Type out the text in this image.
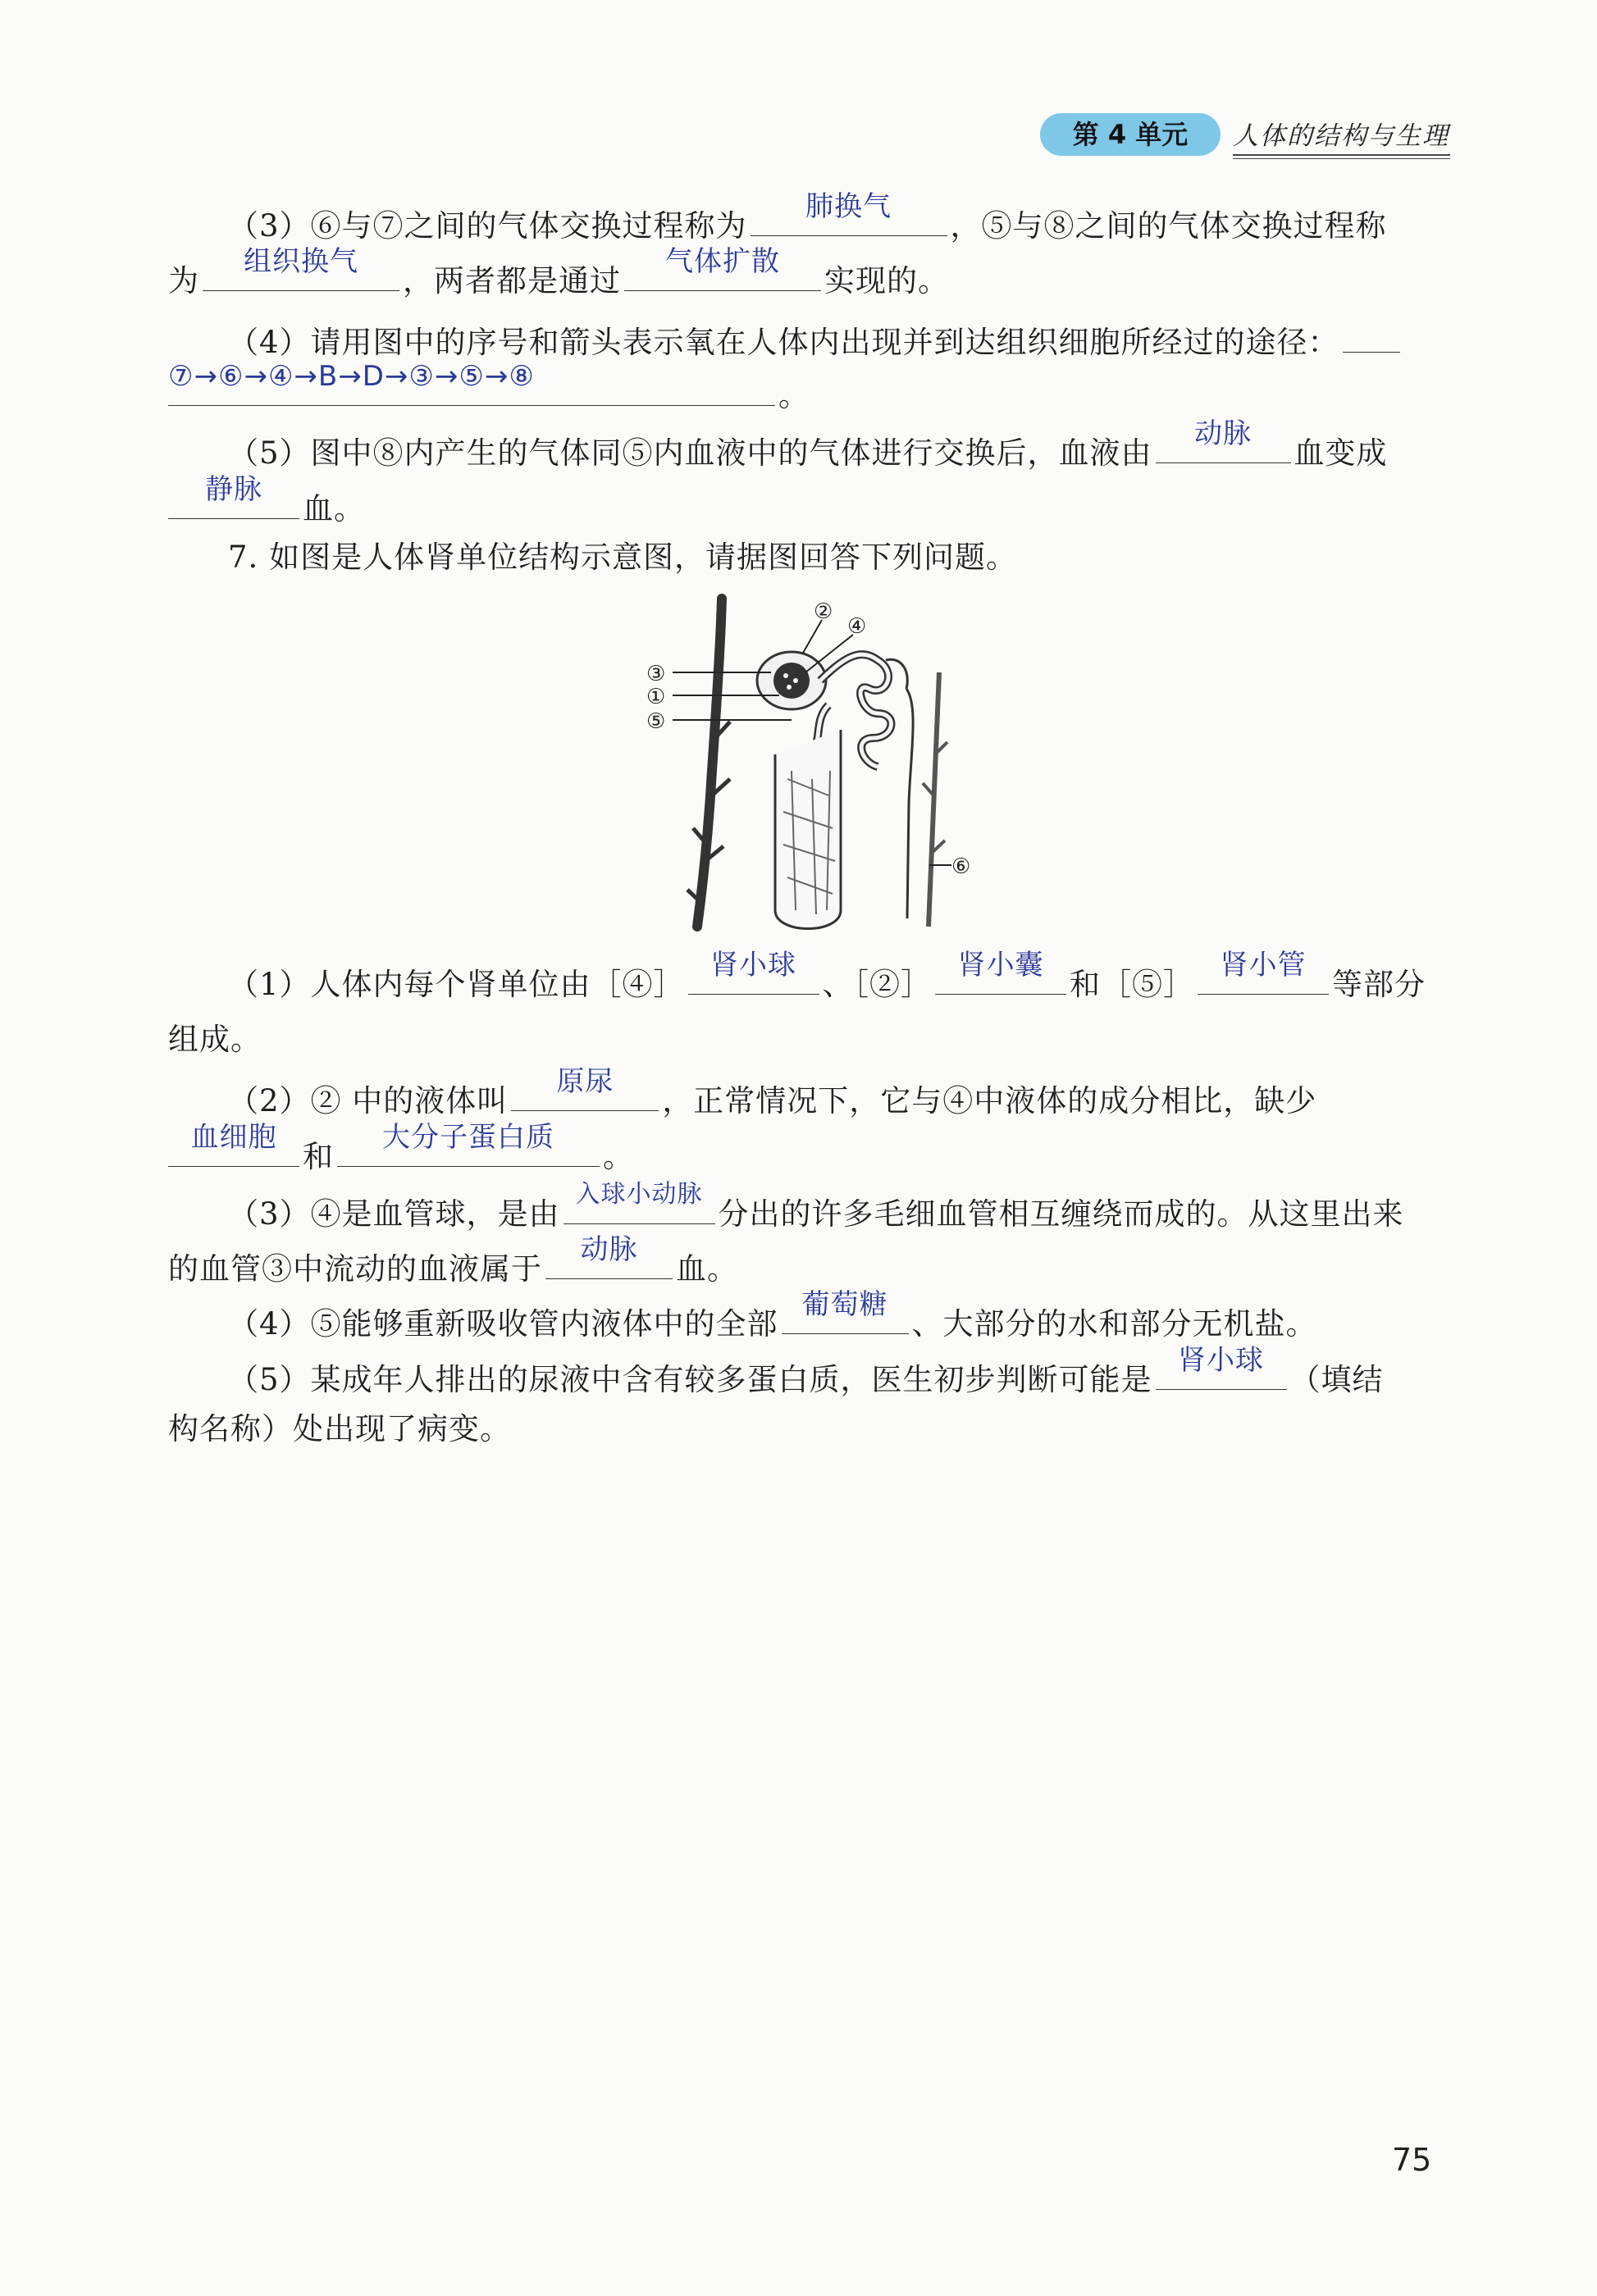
第 4 单元	人体的结构与生理
（3）⑥与⑦之间的气体交换过程称为
肺换气
，⑤与⑧之间的气体交换过程称
为
组织换气
，两者都是通过
气体扩散
实现的。
（4）请用图中的序号和箭头表示氧在人体内出现并到达组织细胞所经过的途径：
⑦→⑥→④→B→D→③→⑤→⑧
。
（5）图中⑧内产生的气体同⑤内血液中的气体进行交换后，血液由
动脉
血变成
静脉
血。
7. 如图是人体肾单位结构示意图，请据图回答下列问题。
②
④
③
①
⑤
⑥
（1）人体内每个肾单位由［④］
肾小球
、［②］
肾小囊
和［⑤］
肾小管
等部分
组成。
（2）② 中的液体叫
原尿
，正常情况下，它与④中液体的成分相比，缺少
血细胞
和
大分子蛋白质
。
（3）④是血管球，是由
入球小动脉
分出的许多毛细血管相互缠绕而成的。从这里出来
的血管③中流动的血液属于
动脉
血。
（4）⑤能够重新吸收管内液体中的全部
葡萄糖
、大部分的水和部分无机盐。
（5）某成年人排出的尿液中含有较多蛋白质，医生初步判断可能是
肾小球
（填结
构名称）处出现了病变。
75
